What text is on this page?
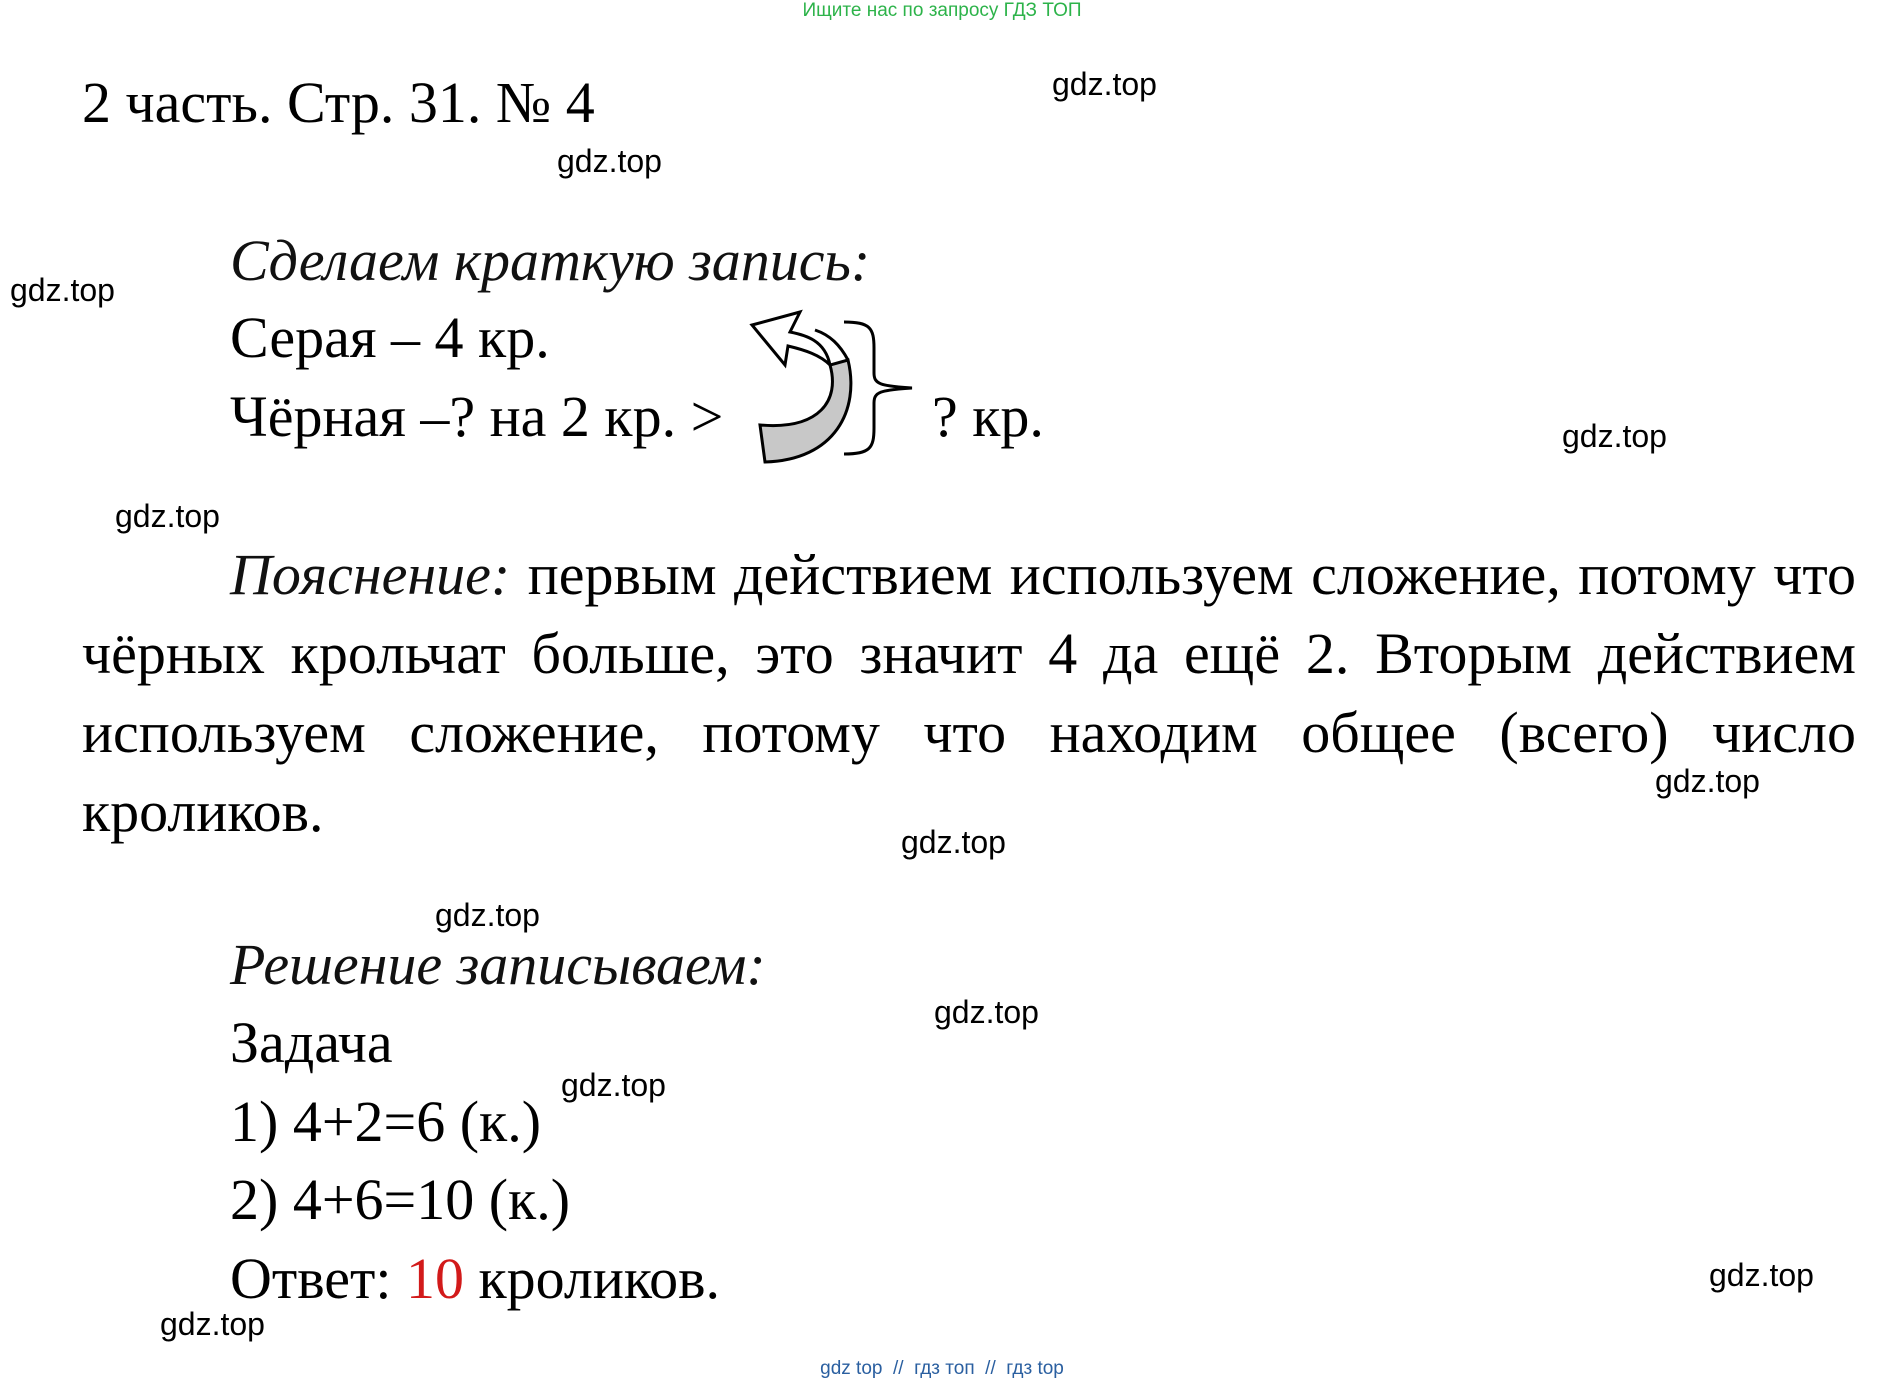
Ищите нас по запросу ГДЗ ТОП
2 часть. Стр. 31. № 4
Сделаем краткую запись:
Серая – 4 кр.
Чёрная –? на 2 кр. >	? кр.
Пояснение: первым действием используем сложение, потому что чёрных крольчат больше, это значит 4 да ещё 2. Вторым действием используем сложение, потому что находим общее (всего) число кроликов.
Решение записываем:
Задача
1) 4+2=6 (к.)
2) 4+6=10 (к.)
Ответ: 10 кроликов.
gdz.top
gdz.top
gdz.top
gdz.top
gdz.top
gdz.top
gdz.top
gdz.top
gdz.top
gdz.top
gdz.top
gdz.top
gdz top  //  гдз топ  //  гдз top
